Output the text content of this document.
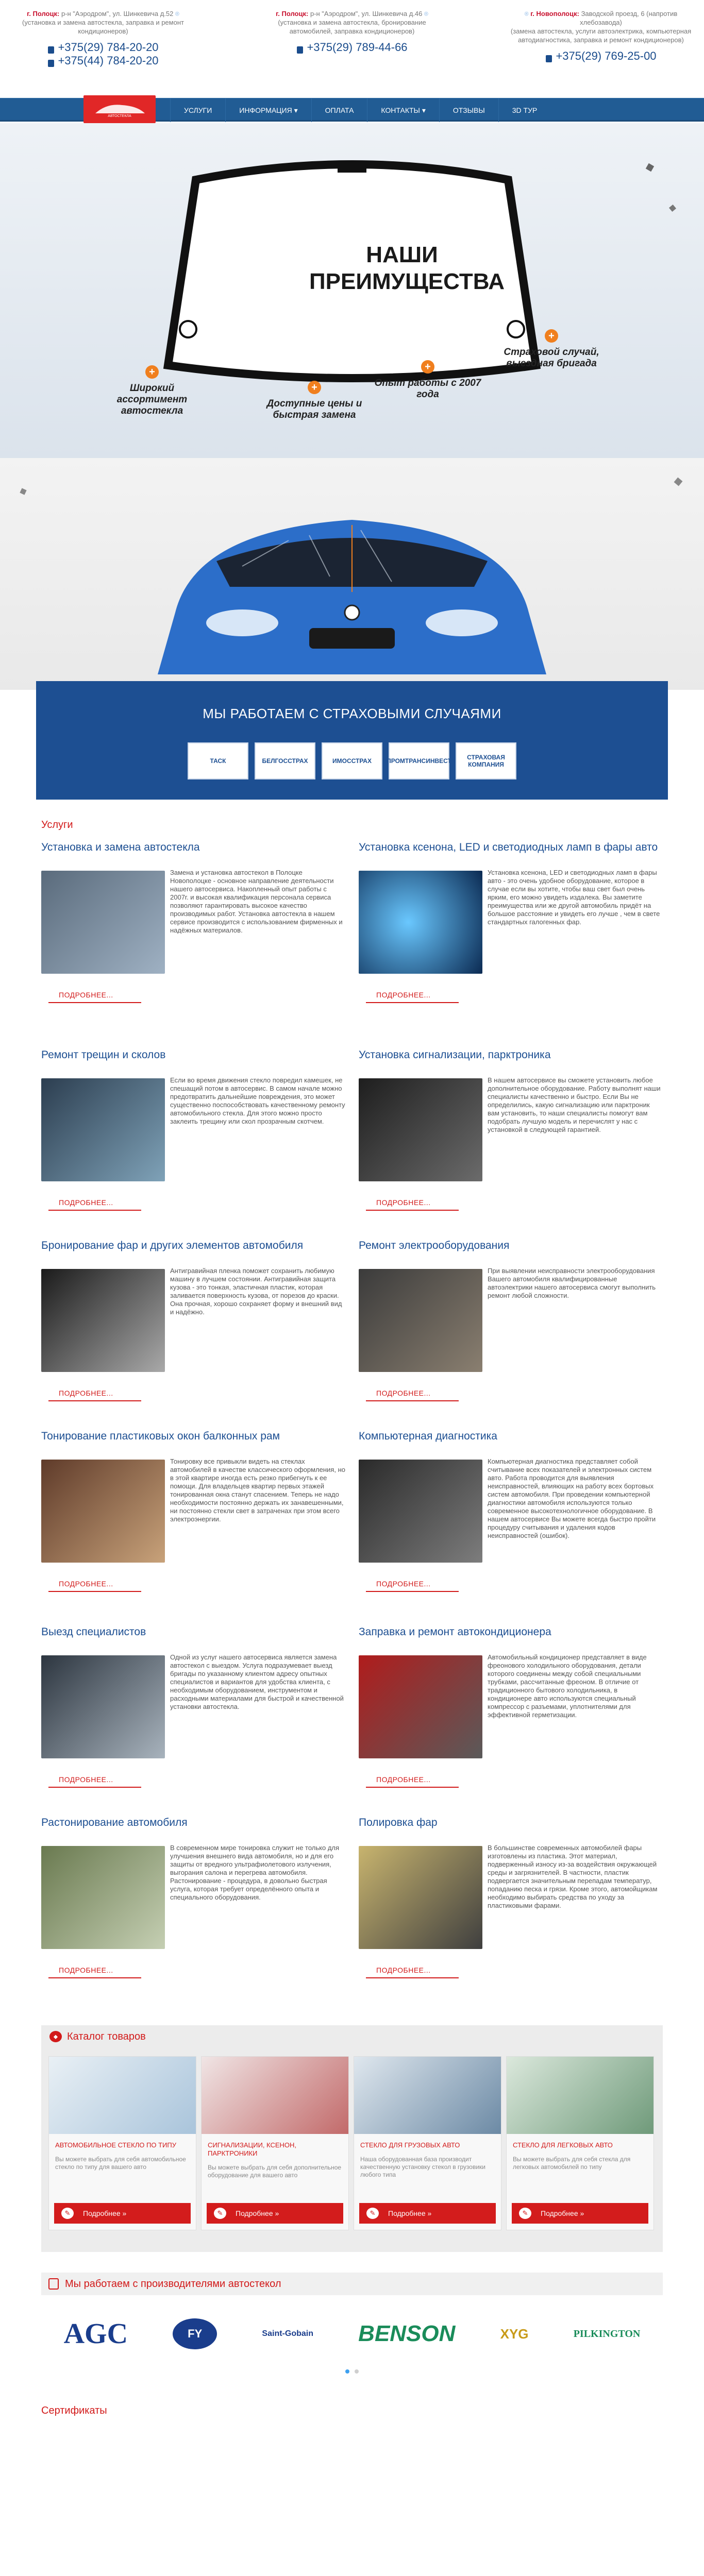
г. Полоцк: р-н "Аэродром", ул. Шинкевича д.52 ⌾
(установка и замена автостекла, заправка и ремонт кондиционеров)
+375(29) 784-20-20
+375(44) 784-20-20
г. Полоцк: р-н "Аэродром", ул. Шинкевича д.46 ⌾
(установка и замена автостекла, бронирование автомобилей, заправка кондиционеров)
+375(29) 789-44-66
⌾ г. Новополоцк: Заводской проезд, 6 (напротив хлебозавода)
(замена автостекла, услуги автоэлектрика, компьютерная автодиагностика, заправка и ремонт кондиционеров)
+375(29) 769-25-00
АВТОСТЕКЛА
УСЛУГИ	ИНФОРМАЦИЯ ▾	ОПЛАТА	КОНТАКТЫ ▾	ОТЗЫВЫ	3D ТУР
НАШИ ПРЕИМУЩЕСТВА
+
Широкий ассортимент автостекла
+
Доступные цены и быстрая замена
+
Опыт работы с 2007 года
+
Страховой случай, выездная бригада
МЫ РАБОТАЕМ С СТРАХОВЫМИ СЛУЧАЯМИ
ТАСК	БЕЛГОССТРАХ	ИМОССТРАХ	ПРОМТРАНСИНВЕСТ	СТРАХОВАЯ КОМПАНИЯ
Услуги
Установка и замена автостекла
Замена и установка автостекол в Полоцке Новополоцке - основное направление деятельности нашего автосервиса. Накопленный опыт работы с 2007г. и высокая квалификация персонала сервиса позволяют гарантировать высокое качество производимых работ. Установка автостекла в нашем сервисе производится с использованием фирменных и надёжных материалов.
ПОДРОБНЕЕ...
Установка ксенона, LED и светодиодных ламп в фары авто
Установка ксенона, LED и светодиодных ламп в фары авто - это очень удобное оборудование, которое в случае если вы хотите, чтобы ваш свет был очень ярким, его можно увидеть издалека. Вы заметите преимущества или же другой автомобиль придёт на большое расстояние и увидеть его лучше , чем в свете стандартных галогенных фар.
ПОДРОБНЕЕ...
Ремонт трещин и сколов
Если во время движения стекло повредил камешек, не спешащий потом в автосервис. В самом начале можно предотвратить дальнейшие повреждения, это может существенно поспособствовать качественному ремонту автомобильного стекла. Для этого можно просто заклеить трещину или скол прозрачным скотчем.
ПОДРОБНЕЕ...
Установка сигнализации, парктроника
В нашем автосервисе вы сможете установить любое дополнительное оборудование. Работу выполнят наши специалисты качественно и быстро. Если Вы не определились, какую сигнализацию или парктроник вам установить, то наши специалисты помогут вам подобрать лучшую модель и перечислят у нас с установкой в следующей гарантией.
ПОДРОБНЕЕ...
Бронирование фар и других элементов автомобиля
Антигравийная пленка поможет сохранить любимую машину в лучшем состоянии. Антигравийная защита кузова - это тонкая, эластичная пластик, которая заливается поверхность кузова, от порезов до краски. Она прочная, хорошо сохраняет форму и внешний вид и надёжно.
ПОДРОБНЕЕ...
Ремонт электрооборудования
При выявлении неисправности электрооборудования Вашего автомобиля квалифицированные автоэлектрики нашего автосервиса смогут выполнить ремонт любой сложности.
ПОДРОБНЕЕ...
Тонирование пластиковых окон балконных рам
Тонировку все привыкли видеть на стеклах автомобилей в качестве классического оформления, но в этой квартире иногда есть резко прибегнуть к ее помощи. Для владельцев квартир первых этажей тонированная окна станут спасением. Теперь не надо необходимости постоянно держать их занавешенными, ни постоянно стекли свет в затраченах при этом всего электроэнергии.
ПОДРОБНЕЕ...
Компьютерная диагностика
Компьютерная диагностика представляет собой считывание всех показателей и электронных систем авто. Работа проводится для выявления неисправностей, влияющих на работу всех бортовых систем автомобиля. При проведении компьютерной диагностики автомобиля используются только современное высокотехнологичное оборудование. В нашем автосервисе Вы можете всегда быстро пройти процедуру считывания и удаления кодов неисправностей (ошибок).
ПОДРОБНЕЕ...
Выезд специалистов
Одной из услуг нашего автосервиса является замена автостекол с выездом. Услуга подразумевает выезд бригады по указанному клиентом адресу опытных специалистов и вариантов для удобства клиента, с необходимым оборудованием, инструментом и расходными материалами для быстрой и качественной установки автостекла.
ПОДРОБНЕЕ...
Заправка и ремонт автокондиционера
Автомобильный кондиционер представляет в виде фреонового холодильного оборудования, детали которого соединены между собой специальными трубками, рассчитанные фреоном. В отличие от традиционного бытового холодильника, в кондиционере авто используются специальный компрессор с разъемами, уплотнителями для эффективной герметизации.
ПОДРОБНЕЕ...
Растонирование автомобиля
В современном мире тонировка служит не только для улучшения внешнего вида автомобиля, но и для его защиты от вредного ультрафиолетового излучения, выгорания салона и перегрева автомобиля. Растонирование - процедура, в довольно быстрая услуга, которая требует определённого опыта и специального оборудования.
ПОДРОБНЕЕ...
Полировка фар
В большинстве современных автомобилей фары изготовлены из пластика. Этот материал, подверженный износу из-за воздействия окружающей среды и загрязнителей. В частности, пластик подвергается значительным перепадам температур, попаданию песка и грязи. Кроме этого, автомойщикам необходимо выбирать средства по уходу за пластиковыми фарами.
ПОДРОБНЕЕ...
⬥ Каталог товаров
АВТОМОБИЛЬНОЕ СТЕКЛО ПО ТИПУ
Вы можете выбрать для себя автомобильное стекло по типу для вашего авто
✎	Подробнее »
СИГНАЛИЗАЦИИ, КСЕНОН, ПАРКТРОНИКИ
Вы можете выбрать для себя дополнительное оборудование для вашего авто
✎	Подробнее »
СТЕКЛО ДЛЯ ГРУЗОВЫХ АВТО
Наша оборудованная база производит качественную установку стекол в грузовики любого типа
✎	Подробнее »
СТЕКЛО ДЛЯ ЛЕГКОВЫХ АВТО
Вы можете выбрать для себя стекла для легковых автомобилей по типу
✎	Подробнее »
Мы работаем с производителями автостекол
AGC	FY	Saint-Gobain BENSON	XYG	PILKINGTON

Сертификаты
